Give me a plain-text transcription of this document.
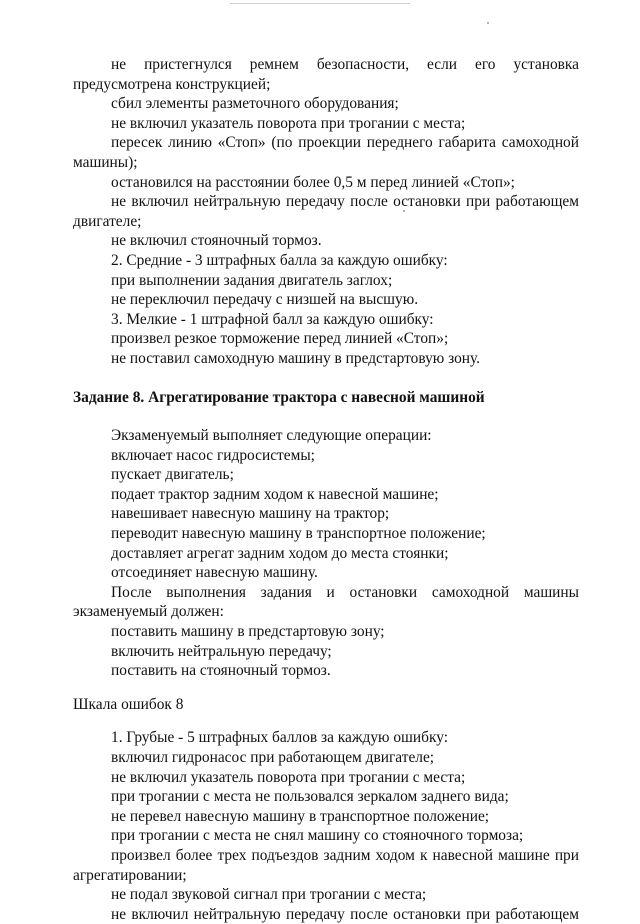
не пристегнулся ремнем безопасности, если его установка

предусмотрена конструкцией;

сбил элементы разметочного оборудования;

не включил указатель поворота при трогании с места;

пересек линию «Стоп» (по проекции переднего габарита самоходной

машины);

остановился на расстоянии более 0,5 м перед линией «Стоп»;

не включил нейтральную передачу после остановки при работающем

двигателе;

не включил стояночный тормоз.

2. Средние - 3 штрафных балла за каждую ошибку:

при выполнении задания двигатель заглох;

не переключил передачу с низшей на высшую.

3. Мелкие - 1 штрафной балл за каждую ошибку:

произвел резкое торможение перед линией «Стоп»;

не поставил самоходную машину в предстартовую зону.

Задание 8. Агрегатирование трактора с навесной машиной

Экзаменуемый выполняет следующие операции:

включает насос гидросистемы;

пускает двигатель;

подает трактор задним ходом к навесной машине;

навешивает навесную машину на трактор;

переводит навесную машину в транспортное положение;

доставляет агрегат задним ходом до места стоянки;

отсоединяет навесную машину.

После выполнения задания и остановки самоходной машины

экзаменуемый должен:

поставить машину в предстартовую зону;

включить нейтральную передачу;

поставить на стояночный тормоз.

Шкала ошибок 8

1. Грубые - 5 штрафных баллов за каждую ошибку:

включил гидронасос при работающем двигателе;

не включил указатель поворота при трогании с места;

при трогании с места не пользовался зеркалом заднего вида;

не перевел навесную машину в транспортное положение;

при трогании с места не снял машину со стояночного тормоза;

произвел более трех подъездов задним ходом к навесной машине при

агрегатировании;

не подал звуковой сигнал при трогании с места;

не включил нейтральную передачу после остановки при работающем
